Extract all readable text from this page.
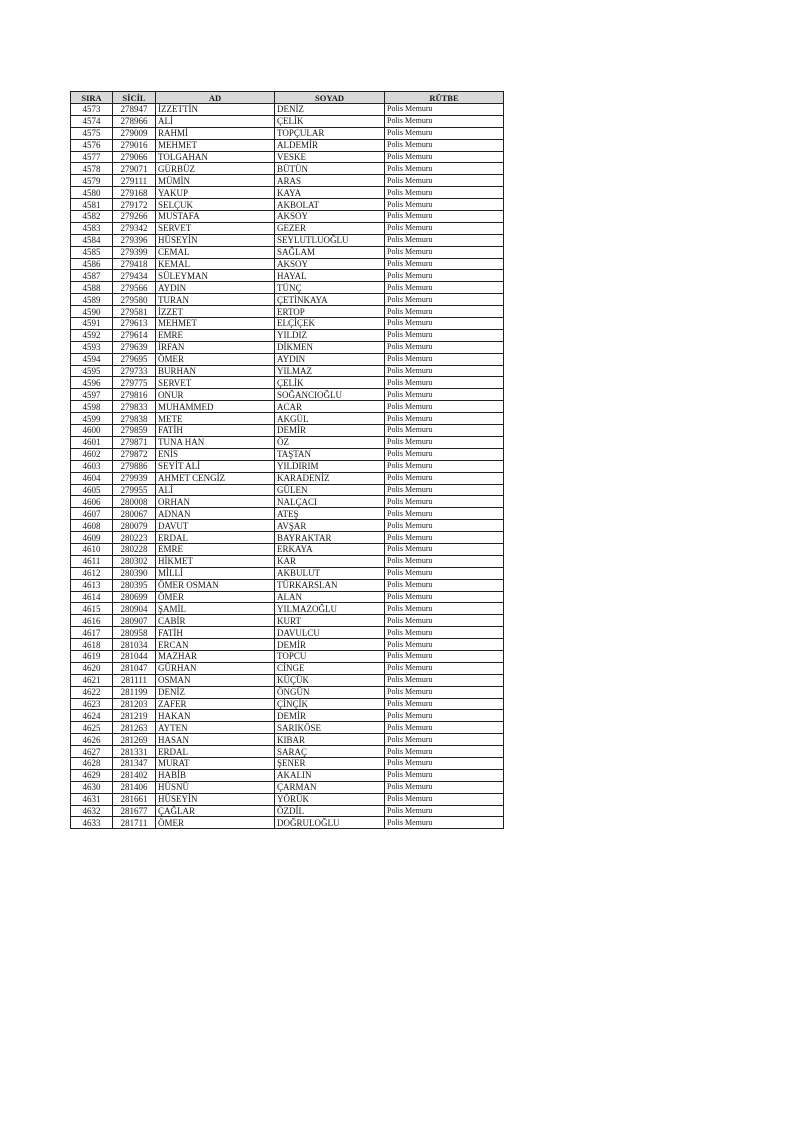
SIRA	SİCİL	AD	SOYAD	RÜTBE
4573	278947	İZZETTİN	DENİZ	Polis Memuru
4574	278966	ALİ	ÇELİK	Polis Memuru
4575	279009	RAHMİ	TOPÇULAR	Polis Memuru
4576	279016	MEHMET	ALDEMİR	Polis Memuru
4577	279066	TOLGAHAN	VESKE	Polis Memuru
4578	279071	GÜRBÜZ	BÜTÜN	Polis Memuru
4579	279111	MÜMİN	ARAS	Polis Memuru
4580	279168	YAKUP	KAYA	Polis Memuru
4581	279172	SELÇUK	AKBOLAT	Polis Memuru
4582	279266	MUSTAFA	AKSOY	Polis Memuru
4583	279342	SERVET	GEZER	Polis Memuru
4584	279396	HÜSEYİN	SEYLUTLUOĞLU	Polis Memuru
4585	279399	CEMAL	SAĞLAM	Polis Memuru
4586	279418	KEMAL	AKSOY	Polis Memuru
4587	279434	SÜLEYMAN	HAYAL	Polis Memuru
4588	279566	AYDIN	TÜNÇ	Polis Memuru
4589	279580	TURAN	ÇETİNKAYA	Polis Memuru
4590	279581	İZZET	ERTOP	Polis Memuru
4591	279613	MEHMET	ELÇİÇEK	Polis Memuru
4592	279614	EMRE	YILDIZ	Polis Memuru
4593	279639	İRFAN	DİKMEN	Polis Memuru
4594	279695	ÖMER	AYDIN	Polis Memuru
4595	279733	BURHAN	YILMAZ	Polis Memuru
4596	279775	SERVET	ÇELİK	Polis Memuru
4597	279816	ONUR	SOĞANCIOĞLU	Polis Memuru
4598	279833	MUHAMMED	ACAR	Polis Memuru
4599	279838	METE	AKGÜL	Polis Memuru
4600	279859	FATİH	DEMİR	Polis Memuru
4601	279871	TUNA HAN	ÖZ	Polis Memuru
4602	279872	ENİS	TAŞTAN	Polis Memuru
4603	279886	SEYİT ALİ	YILDIRIM	Polis Memuru
4604	279939	AHMET CENGİZ	KARADENİZ	Polis Memuru
4605	279955	ALİ	GÜLEN	Polis Memuru
4606	280008	ORHAN	NALÇACI	Polis Memuru
4607	280067	ADNAN	ATEŞ	Polis Memuru
4608	280079	DAVUT	AVŞAR	Polis Memuru
4609	280223	ERDAL	BAYRAKTAR	Polis Memuru
4610	280228	EMRE	ERKAYA	Polis Memuru
4611	280302	HİKMET	KAR	Polis Memuru
4612	280390	MİLLİ	AKBULUT	Polis Memuru
4613	280395	ÖMER OSMAN	TÜRKARSLAN	Polis Memuru
4614	280699	ÖMER	ALAN	Polis Memuru
4615	280904	ŞAMİL	YILMAZOĞLU	Polis Memuru
4616	280907	CABİR	KURT	Polis Memuru
4617	280958	FATİH	DAVULCU	Polis Memuru
4618	281034	ERCAN	DEMİR	Polis Memuru
4619	281044	MAZHAR	TOPCU	Polis Memuru
4620	281047	GÜRHAN	CİNGE	Polis Memuru
4621	281111	OSMAN	KÜÇÜK	Polis Memuru
4622	281199	DENİZ	ÖNGÜN	Polis Memuru
4623	281203	ZAFER	ÇİNÇİK	Polis Memuru
4624	281219	HAKAN	DEMİR	Polis Memuru
4625	281263	AYTEN	SARIKÖSE	Polis Memuru
4626	281269	HASAN	KIBAR	Polis Memuru
4627	281331	ERDAL	SARAÇ	Polis Memuru
4628	281347	MURAT	ŞENER	Polis Memuru
4629	281402	HABİB	AKALIN	Polis Memuru
4630	281406	HÜSNÜ	ÇARMAN	Polis Memuru
4631	281661	HÜSEYİN	YÖRÜK	Polis Memuru
4632	281677	ÇAĞLAR	ÖZDİL	Polis Memuru
4633	281711	ÖMER	DOĞRULOĞLU	Polis Memuru
